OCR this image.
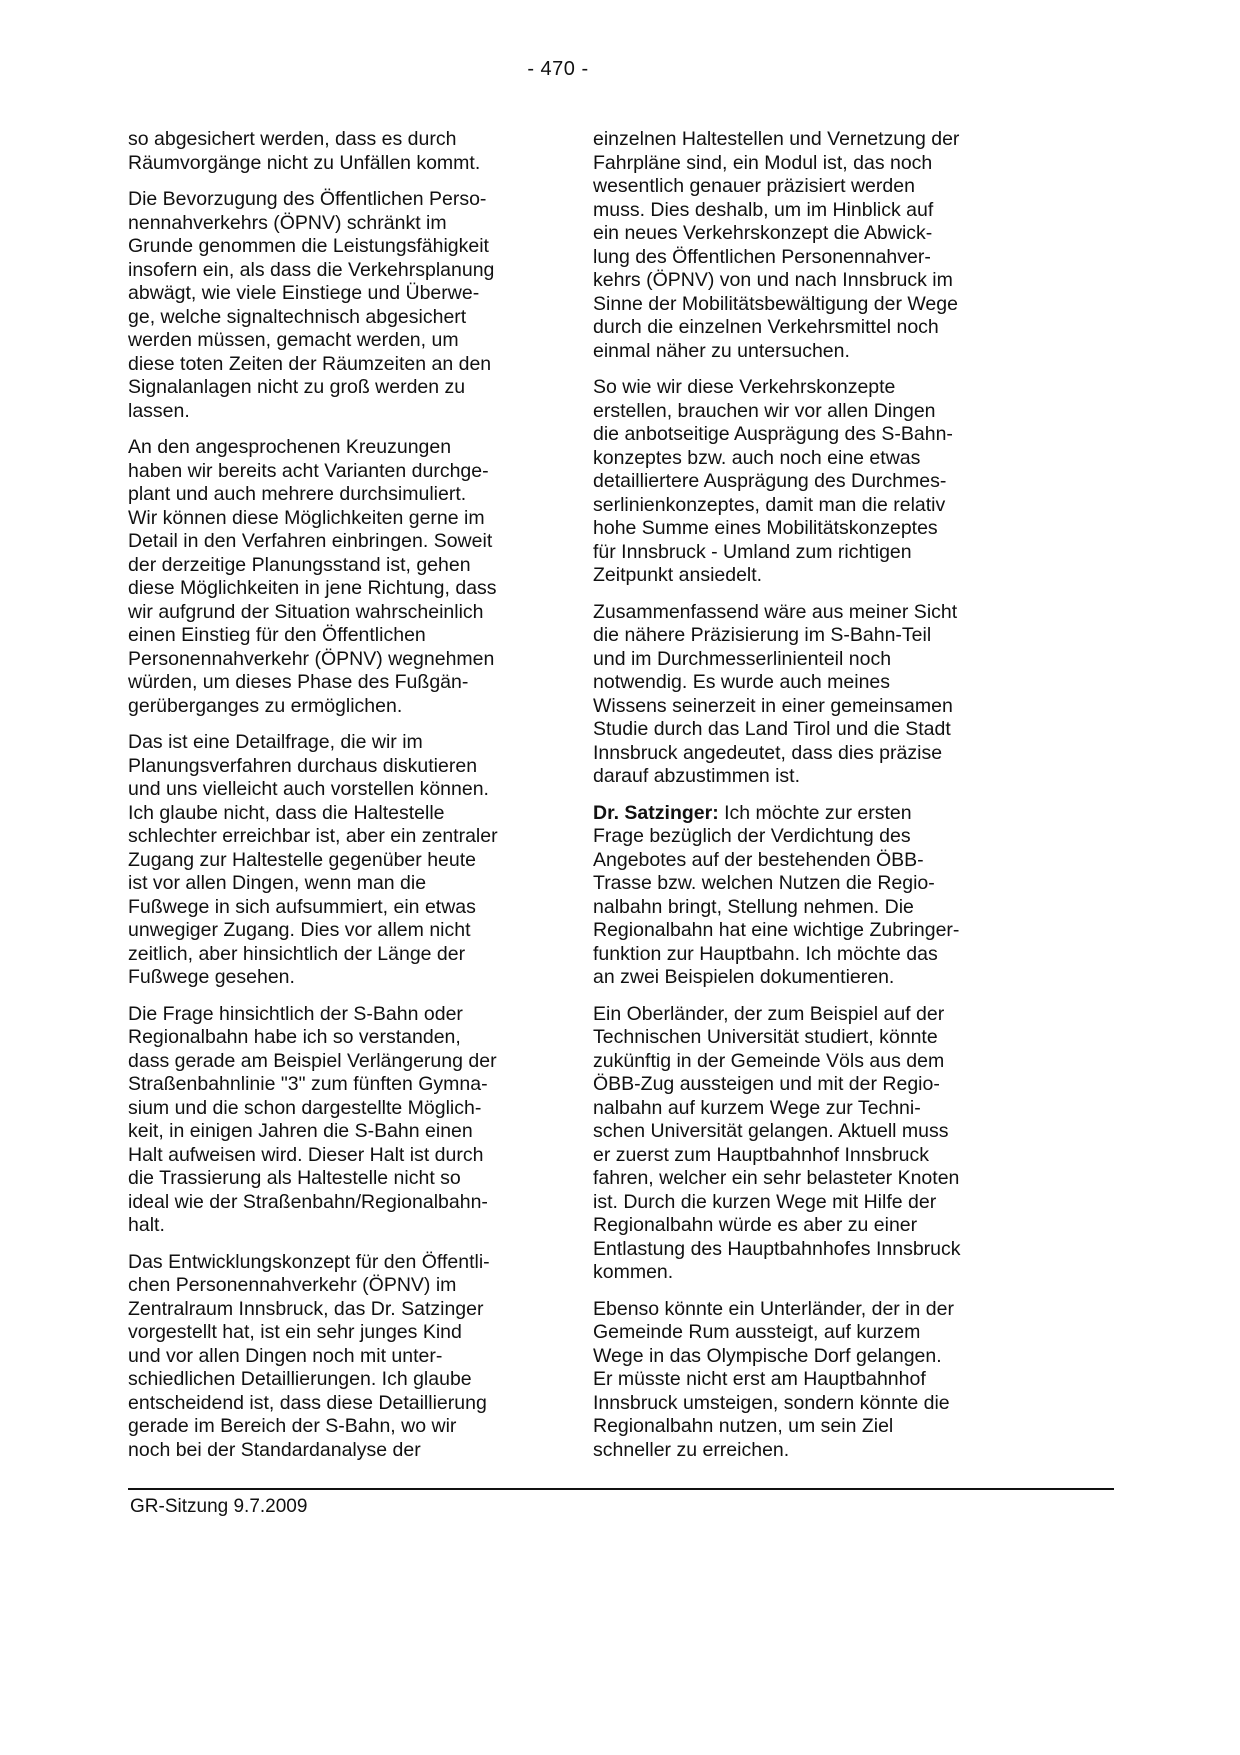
- 470 -

so abgesichert werden, dass es durch
Räumvorgänge nicht zu Unfällen kommt.

Die Bevorzugung des Öffentlichen Perso-
nennahverkehrs (ÖPNV) schränkt im
Grunde genommen die Leistungsfähigkeit
insofern ein, als dass die Verkehrsplanung
abwägt, wie viele Einstiege und Überwe-
ge, welche signaltechnisch abgesichert
werden müssen, gemacht werden, um
diese toten Zeiten der Räumzeiten an den
Signalanlagen nicht zu groß werden zu
lassen.

An den angesprochenen Kreuzungen
haben wir bereits acht Varianten durchge-
plant und auch mehrere durchsimuliert.
Wir können diese Möglichkeiten gerne im
Detail in den Verfahren einbringen. Soweit
der derzeitige Planungsstand ist, gehen
diese Möglichkeiten in jene Richtung, dass
wir aufgrund der Situation wahrscheinlich
einen Einstieg für den Öffentlichen
Personennahverkehr (ÖPNV) wegnehmen
würden, um dieses Phase des Fußgän-
gerüberganges zu ermöglichen.

Das ist eine Detailfrage, die wir im
Planungsverfahren durchaus diskutieren
und uns vielleicht auch vorstellen können.
Ich glaube nicht, dass die Haltestelle
schlechter erreichbar ist, aber ein zentraler
Zugang zur Haltestelle gegenüber heute
ist vor allen Dingen, wenn man die
Fußwege in sich aufsummiert, ein etwas
unwegiger Zugang. Dies vor allem nicht
zeitlich, aber hinsichtlich der Länge der
Fußwege gesehen.

Die Frage hinsichtlich der S-Bahn oder
Regionalbahn habe ich so verstanden,
dass gerade am Beispiel Verlängerung der
Straßenbahnlinie "3" zum fünften Gymna-
sium und die schon dargestellte Möglich-
keit, in einigen Jahren die S-Bahn einen
Halt aufweisen wird. Dieser Halt ist durch
die Trassierung als Haltestelle nicht so
ideal wie der Straßenbahn/Regionalbahn-
halt.

Das Entwicklungskonzept für den Öffentli-
chen Personennahverkehr (ÖPNV) im
Zentralraum Innsbruck, das Dr. Satzinger
vorgestellt hat, ist ein sehr junges Kind
und vor allen Dingen noch mit unter-
schiedlichen Detaillierungen. Ich glaube
entscheidend ist, dass diese Detaillierung
gerade im Bereich der S-Bahn, wo wir
noch bei der Standardanalyse der

einzelnen Haltestellen und Vernetzung der
Fahrpläne sind, ein Modul ist, das noch
wesentlich genauer präzisiert werden
muss. Dies deshalb, um im Hinblick auf
ein neues Verkehrskonzept die Abwick-
lung des Öffentlichen Personennahver-
kehrs (ÖPNV) von und nach Innsbruck im
Sinne der Mobilitätsbewältigung der Wege
durch die einzelnen Verkehrsmittel noch
einmal näher zu untersuchen.

So wie wir diese Verkehrskonzepte
erstellen, brauchen wir vor allen Dingen
die anbotseitige Ausprägung des S-Bahn-
konzeptes bzw. auch noch eine etwas
detailliertere Ausprägung des Durchmes-
serlinienkonzeptes, damit man die relativ
hohe Summe eines Mobilitätskonzeptes
für Innsbruck - Umland zum richtigen
Zeitpunkt ansiedelt.

Zusammenfassend wäre aus meiner Sicht
die nähere Präzisierung im S-Bahn-Teil
und im Durchmesserlinienteil noch
notwendig. Es wurde auch meines
Wissens seinerzeit in einer gemeinsamen
Studie durch das Land Tirol und die Stadt
Innsbruck angedeutet, dass dies präzise
darauf abzustimmen ist.

Dr. Satzinger: Ich möchte zur ersten
Frage bezüglich der Verdichtung des
Angebotes auf der bestehenden ÖBB-
Trasse bzw. welchen Nutzen die Regio-
nalbahn bringt, Stellung nehmen. Die
Regionalbahn hat eine wichtige Zubringer-
funktion zur Hauptbahn. Ich möchte das
an zwei Beispielen dokumentieren.

Ein Oberländer, der zum Beispiel auf der
Technischen Universität studiert, könnte
zukünftig in der Gemeinde Völs aus dem
ÖBB-Zug aussteigen und mit der Regio-
nalbahn auf kurzem Wege zur Techni-
schen Universität gelangen. Aktuell muss
er zuerst zum Hauptbahnhof Innsbruck
fahren, welcher ein sehr belasteter Knoten
ist. Durch die kurzen Wege mit Hilfe der
Regionalbahn würde es aber zu einer
Entlastung des Hauptbahnhofes Innsbruck
kommen.

Ebenso könnte ein Unterländer, der in der
Gemeinde Rum aussteigt, auf kurzem
Wege in das Olympische Dorf gelangen.
Er müsste nicht erst am Hauptbahnhof
Innsbruck umsteigen, sondern könnte die
Regionalbahn nutzen, um sein Ziel
schneller zu erreichen.

GR-Sitzung 9.7.2009
